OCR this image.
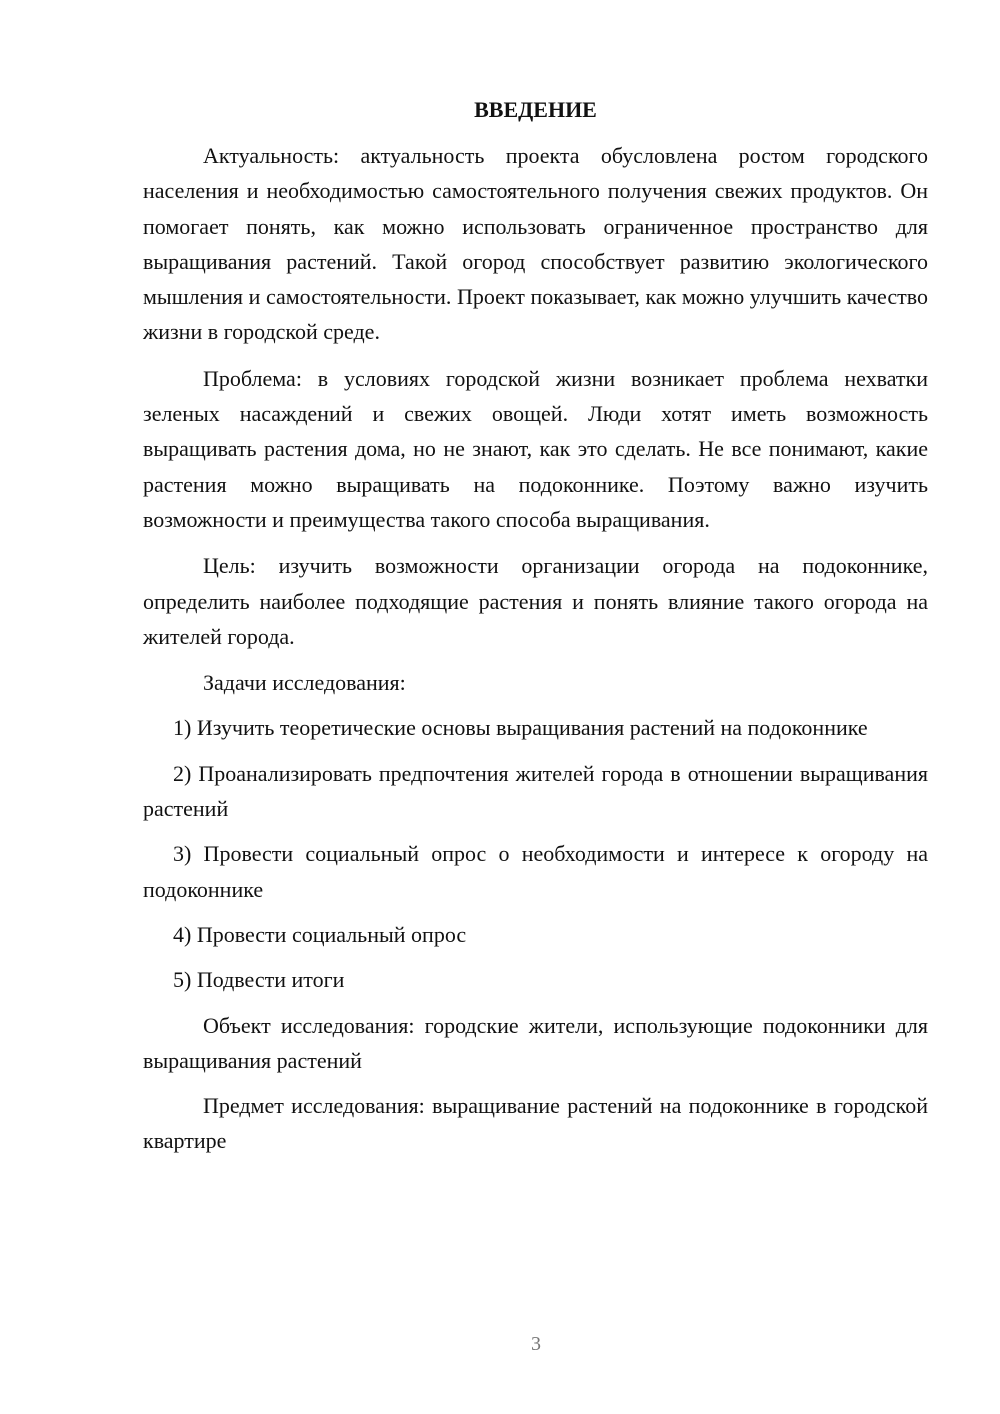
ВВЕДЕНИЕ

Актуальность: актуальность проекта обусловлена ростом городского населения и необходимостью самостоятельного получения свежих продуктов. Он помогает понять, как можно использовать ограниченное пространство для выращивания растений. Такой огород способствует развитию экологического мышления и самостоятельности. Проект показывает, как можно улучшить качество жизни в городской среде.

Проблема: в условиях городской жизни возникает проблема нехватки зеленых насаждений и свежих овощей. Люди хотят иметь возможность выращивать растения дома, но не знают, как это сделать. Не все понимают, какие растения можно выращивать на подоконнике. Поэтому важно изучить возможности и преимущества такого способа выращивания.

Цель: изучить возможности организации огорода на подоконнике, определить наиболее подходящие растения и понять влияние такого огорода на жителей города.

Задачи исследования:

1) Изучить теоретические основы выращивания растений на подоконнике

2) Проанализировать предпочтения жителей города в отношении выращивания растений

3) Провести социальный опрос о необходимости и интересе к огороду на подоконнике

4) Провести социальный опрос

5) Подвести итоги

Объект исследования: городские жители, использующие подоконники для выращивания растений

Предмет исследования: выращивание растений на подоконнике в городской квартире

3
